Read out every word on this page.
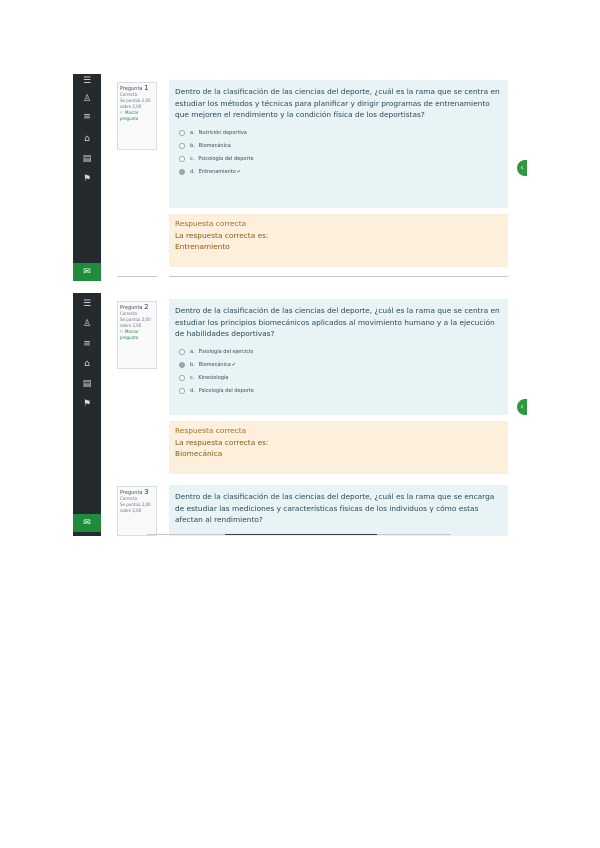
☰
♙
≡
⌂
▤
⚑
✉
Pregunta 1
Correcta
Se puntúa 2,00 sobre 2,00
⚐ Marcar pregunta
Dentro de la clasificación de las ciencias del deporte, ¿cuál es la rama que se centra en estudiar los métodos y técnicas para planificar y dirigir programas de entrenamiento que mejoren el rendimiento y la condición física de los deportistas?
a. Nutrición deportiva
b. Biomecánica
c. Psicología del deporte
d. Entrenamiento ✔
Respuesta correcta
La respuesta correcta es:
Entrenamiento
‹
☰
♙
≡
⌂
▤
⚑
✉
Pregunta 2
Correcta
Se puntúa 2,00 sobre 2,00
⚐ Marcar pregunta
Dentro de la clasificación de las ciencias del deporte, ¿cuál es la rama que se centra en estudiar los principios biomecánicos aplicados al movimiento humano y a la ejecución de habilidades deportivas?
a. Fisiología del ejercicio
b. Biomecánica ✔
c. Kinesiología
d. Psicología del deporte
Respuesta correcta
La respuesta correcta es:
Biomecánica
Pregunta 3
Correcta
Se puntúa 2,00 sobre 2,00
Dentro de la clasificación de las ciencias del deporte, ¿cuál es la rama que se encarga de estudiar las mediciones y características físicas de los individuos y cómo estas afectan al rendimiento?
‹
